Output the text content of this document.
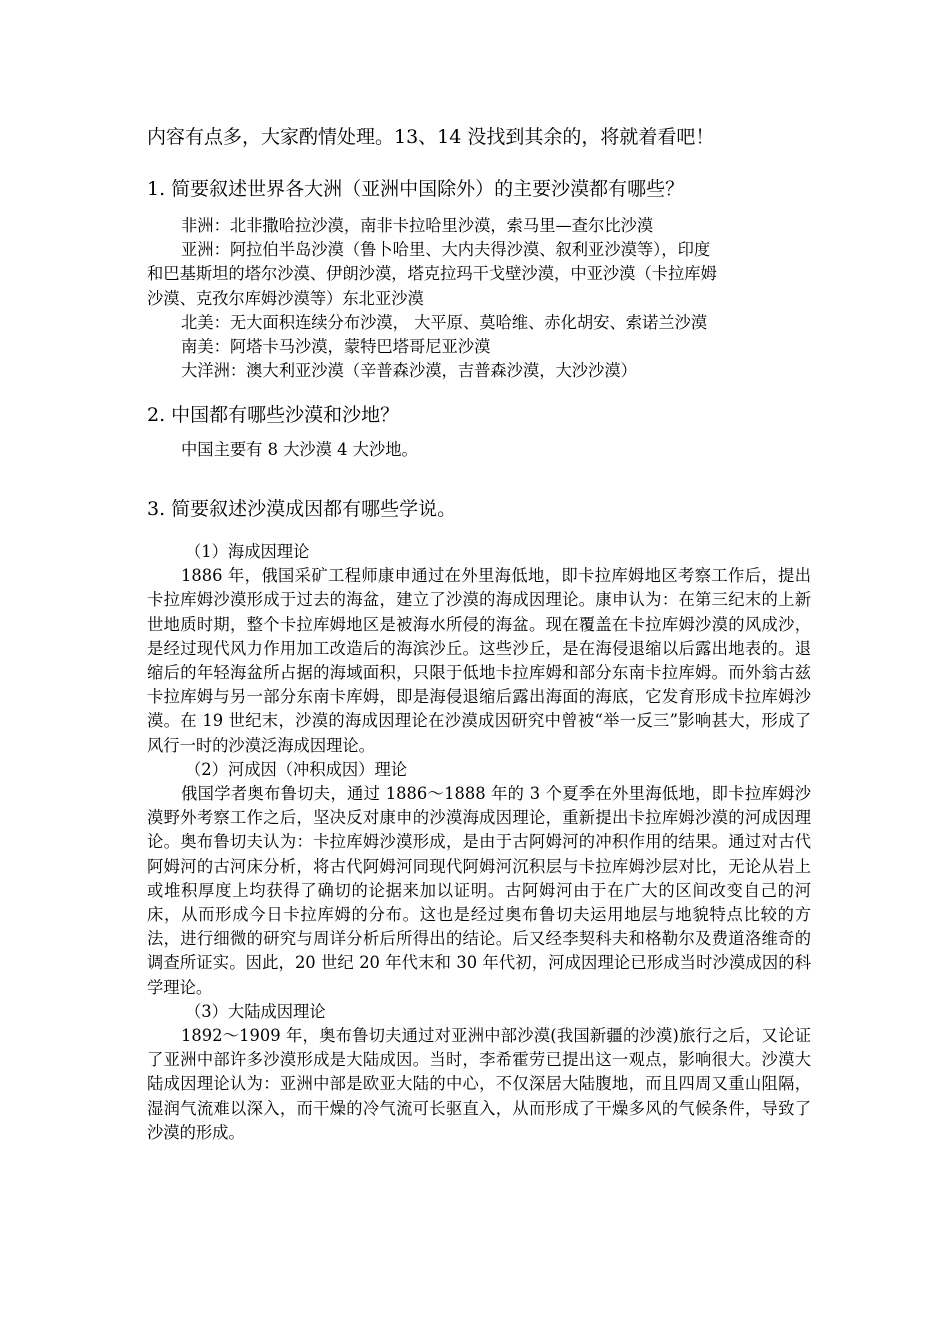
内容有点多，大家酌情处理。13、14 没找到其余的，将就着看吧！
1. 简要叙述世界各大洲（亚洲中国除外）的主要沙漠都有哪些？
非洲：北非撒哈拉沙漠，南非卡拉哈里沙漠，索马里—查尔比沙漠
亚洲：阿拉伯半岛沙漠（鲁卜哈里、大内夫得沙漠、叙利亚沙漠等），印度
和巴基斯坦的塔尔沙漠、伊朗沙漠，塔克拉玛干戈壁沙漠，中亚沙漠（卡拉库姆
沙漠、克孜尔库姆沙漠等）东北亚沙漠
北美：无大面积连续分布沙漠， 大平原、莫哈维、赤化胡安、索诺兰沙漠
南美：阿塔卡马沙漠，蒙特巴塔哥尼亚沙漠
大洋洲：澳大利亚沙漠（辛普森沙漠，吉普森沙漠，大沙沙漠）
2. 中国都有哪些沙漠和沙地？
中国主要有 8 大沙漠 4 大沙地。
3. 简要叙述沙漠成因都有哪些学说。
（1）海成因理论
1886 年，俄国采矿工程师康申通过在外里海低地，即卡拉库姆地区考察工作后，提出卡拉库姆沙漠形成于过去的海盆，建立了沙漠的海成因理论。康申认为：在第三纪末的上新世地质时期，整个卡拉库姆地区是被海水所侵的海盆。现在覆盖在卡拉库姆沙漠的风成沙，是经过现代风力作用加工改造后的海滨沙丘。这些沙丘，是在海侵退缩以后露出地表的。退缩后的年轻海盆所占据的海域面积，只限于低地卡拉库姆和部分东南卡拉库姆。而外翁古兹卡拉库姆与另一部分东南卡库姆，即是海侵退缩后露出海面的海底，它发育形成卡拉库姆沙漠。在 19 世纪末，沙漠的海成因理论在沙漠成因研究中曾被“举一反三”影响甚大，形成了风行一时的沙漠泛海成因理论。
（2）河成因（冲积成因）理论
俄国学者奥布鲁切夫，通过 1886～1888 年的 3 个夏季在外里海低地，即卡拉库姆沙漠野外考察工作之后，坚决反对康申的沙漠海成因理论，重新提出卡拉库姆沙漠的河成因理论。奥布鲁切夫认为：卡拉库姆沙漠形成，是由于古阿姆河的冲积作用的结果。通过对古代阿姆河的古河床分析，将古代阿姆河同现代阿姆河沉积层与卡拉库姆沙层对比，无论从岩上或堆积厚度上均获得了确切的论据来加以证明。古阿姆河由于在广大的区间改变自己的河床，从而形成今日卡拉库姆的分布。这也是经过奥布鲁切夫运用地层与地貌特点比较的方法，进行细微的研究与周详分析后所得出的结论。后又经李契科夫和格勒尔及费道洛维奇的调查所证实。因此，20 世纪 20 年代末和 30 年代初，河成因理论已形成当时沙漠成因的科学理论。
（3）大陆成因理论
1892～1909 年，奥布鲁切夫通过对亚洲中部沙漠(我国新疆的沙漠)旅行之后，又论证了亚洲中部许多沙漠形成是大陆成因。当时，李希霍劳已提出这一观点，影响很大。沙漠大陆成因理论认为：亚洲中部是欧亚大陆的中心，不仅深居大陆腹地，而且四周又重山阻隔，湿润气流难以深入，而干燥的冷气流可长驱直入，从而形成了干燥多风的气候条件，导致了沙漠的形成。
